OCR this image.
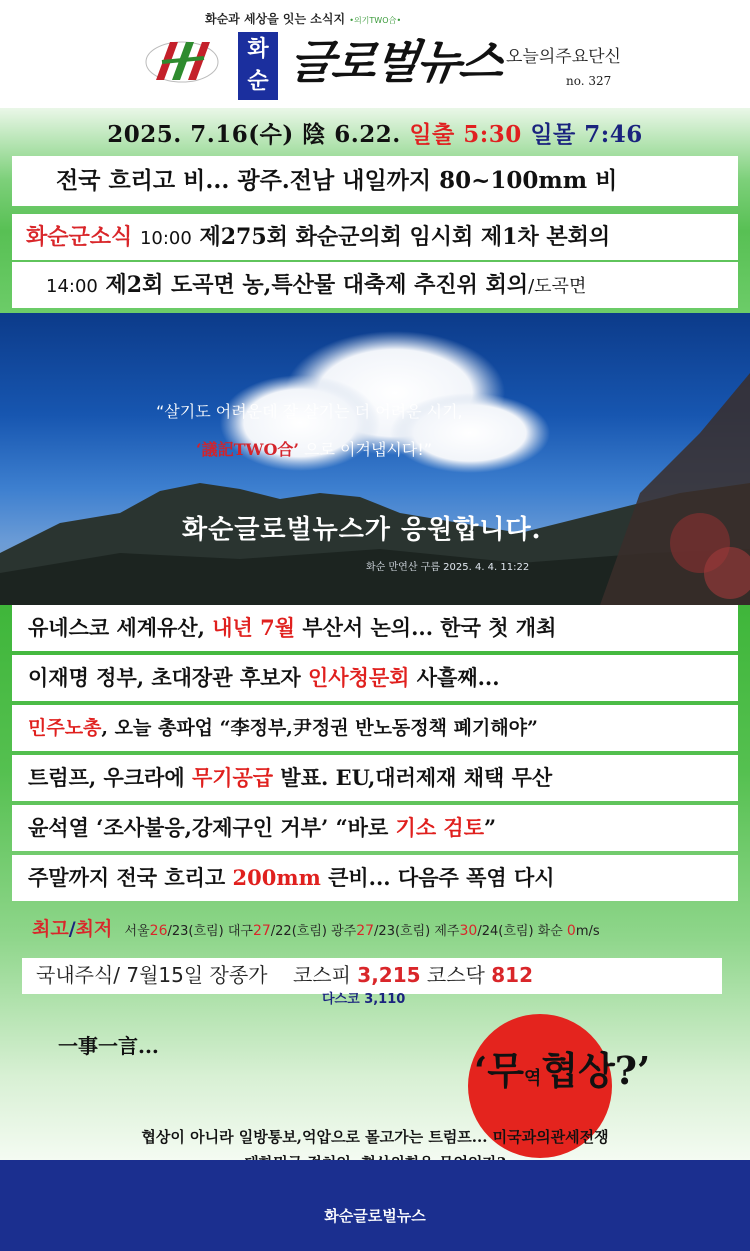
화순과 세상을 잇는 소식지 •의기TWO合•
화
순 글로벌뉴스 오늘의주요단신
no. 327
2025. 7.16(수) 陰 6.22. 일출 5:30 일몰 7:46
전국 흐리고 비... 광주.전남 내일까지 80~100mm 비
화순군소식 10:00 제275회 화순군의회 임시회 제1차 본회의
14:00 제2회 도곡면 농,특산물 대축제 추진위 회의/도곡면
“살기도 어려운데 잘 살기는 더 어려운 시기,
‘議記TWO合’ 으로 이겨냅시다!”
화순글로벌뉴스가 응원합니다.
화순 만연산 구름 2025. 4. 4. 11:22
유네스코 세계유산, 내년 7월 부산서 논의... 한국 첫 개최
이재명 정부, 초대장관 후보자 인사청문회 사흘째...
민주노총, 오늘 총파업 “李정부,尹정권 반노동정책 폐기해야”
트럼프, 우크라에 무기공급 발표. EU,대러제재 채택 무산
윤석열 ‘조사불응,강제구인 거부’ “바로 기소 검토”
주말까지 전국 흐리고 200mm 큰비... 다음주 폭염 다시
최고/최저 서울26/23(흐림) 대구27/22(흐림) 광주27/23(흐림) 제주30/24(흐림) 화순 0m/s
국내주식/ 7월15일 장종가 코스피 3,215 코스닥 812
다스코 3,110
一事一言...
‘무역협상?’
협상이 아니라 일방통보,억압으로 몰고가는 트럼프... 미국과의관세전쟁
화순글로벌뉴스
